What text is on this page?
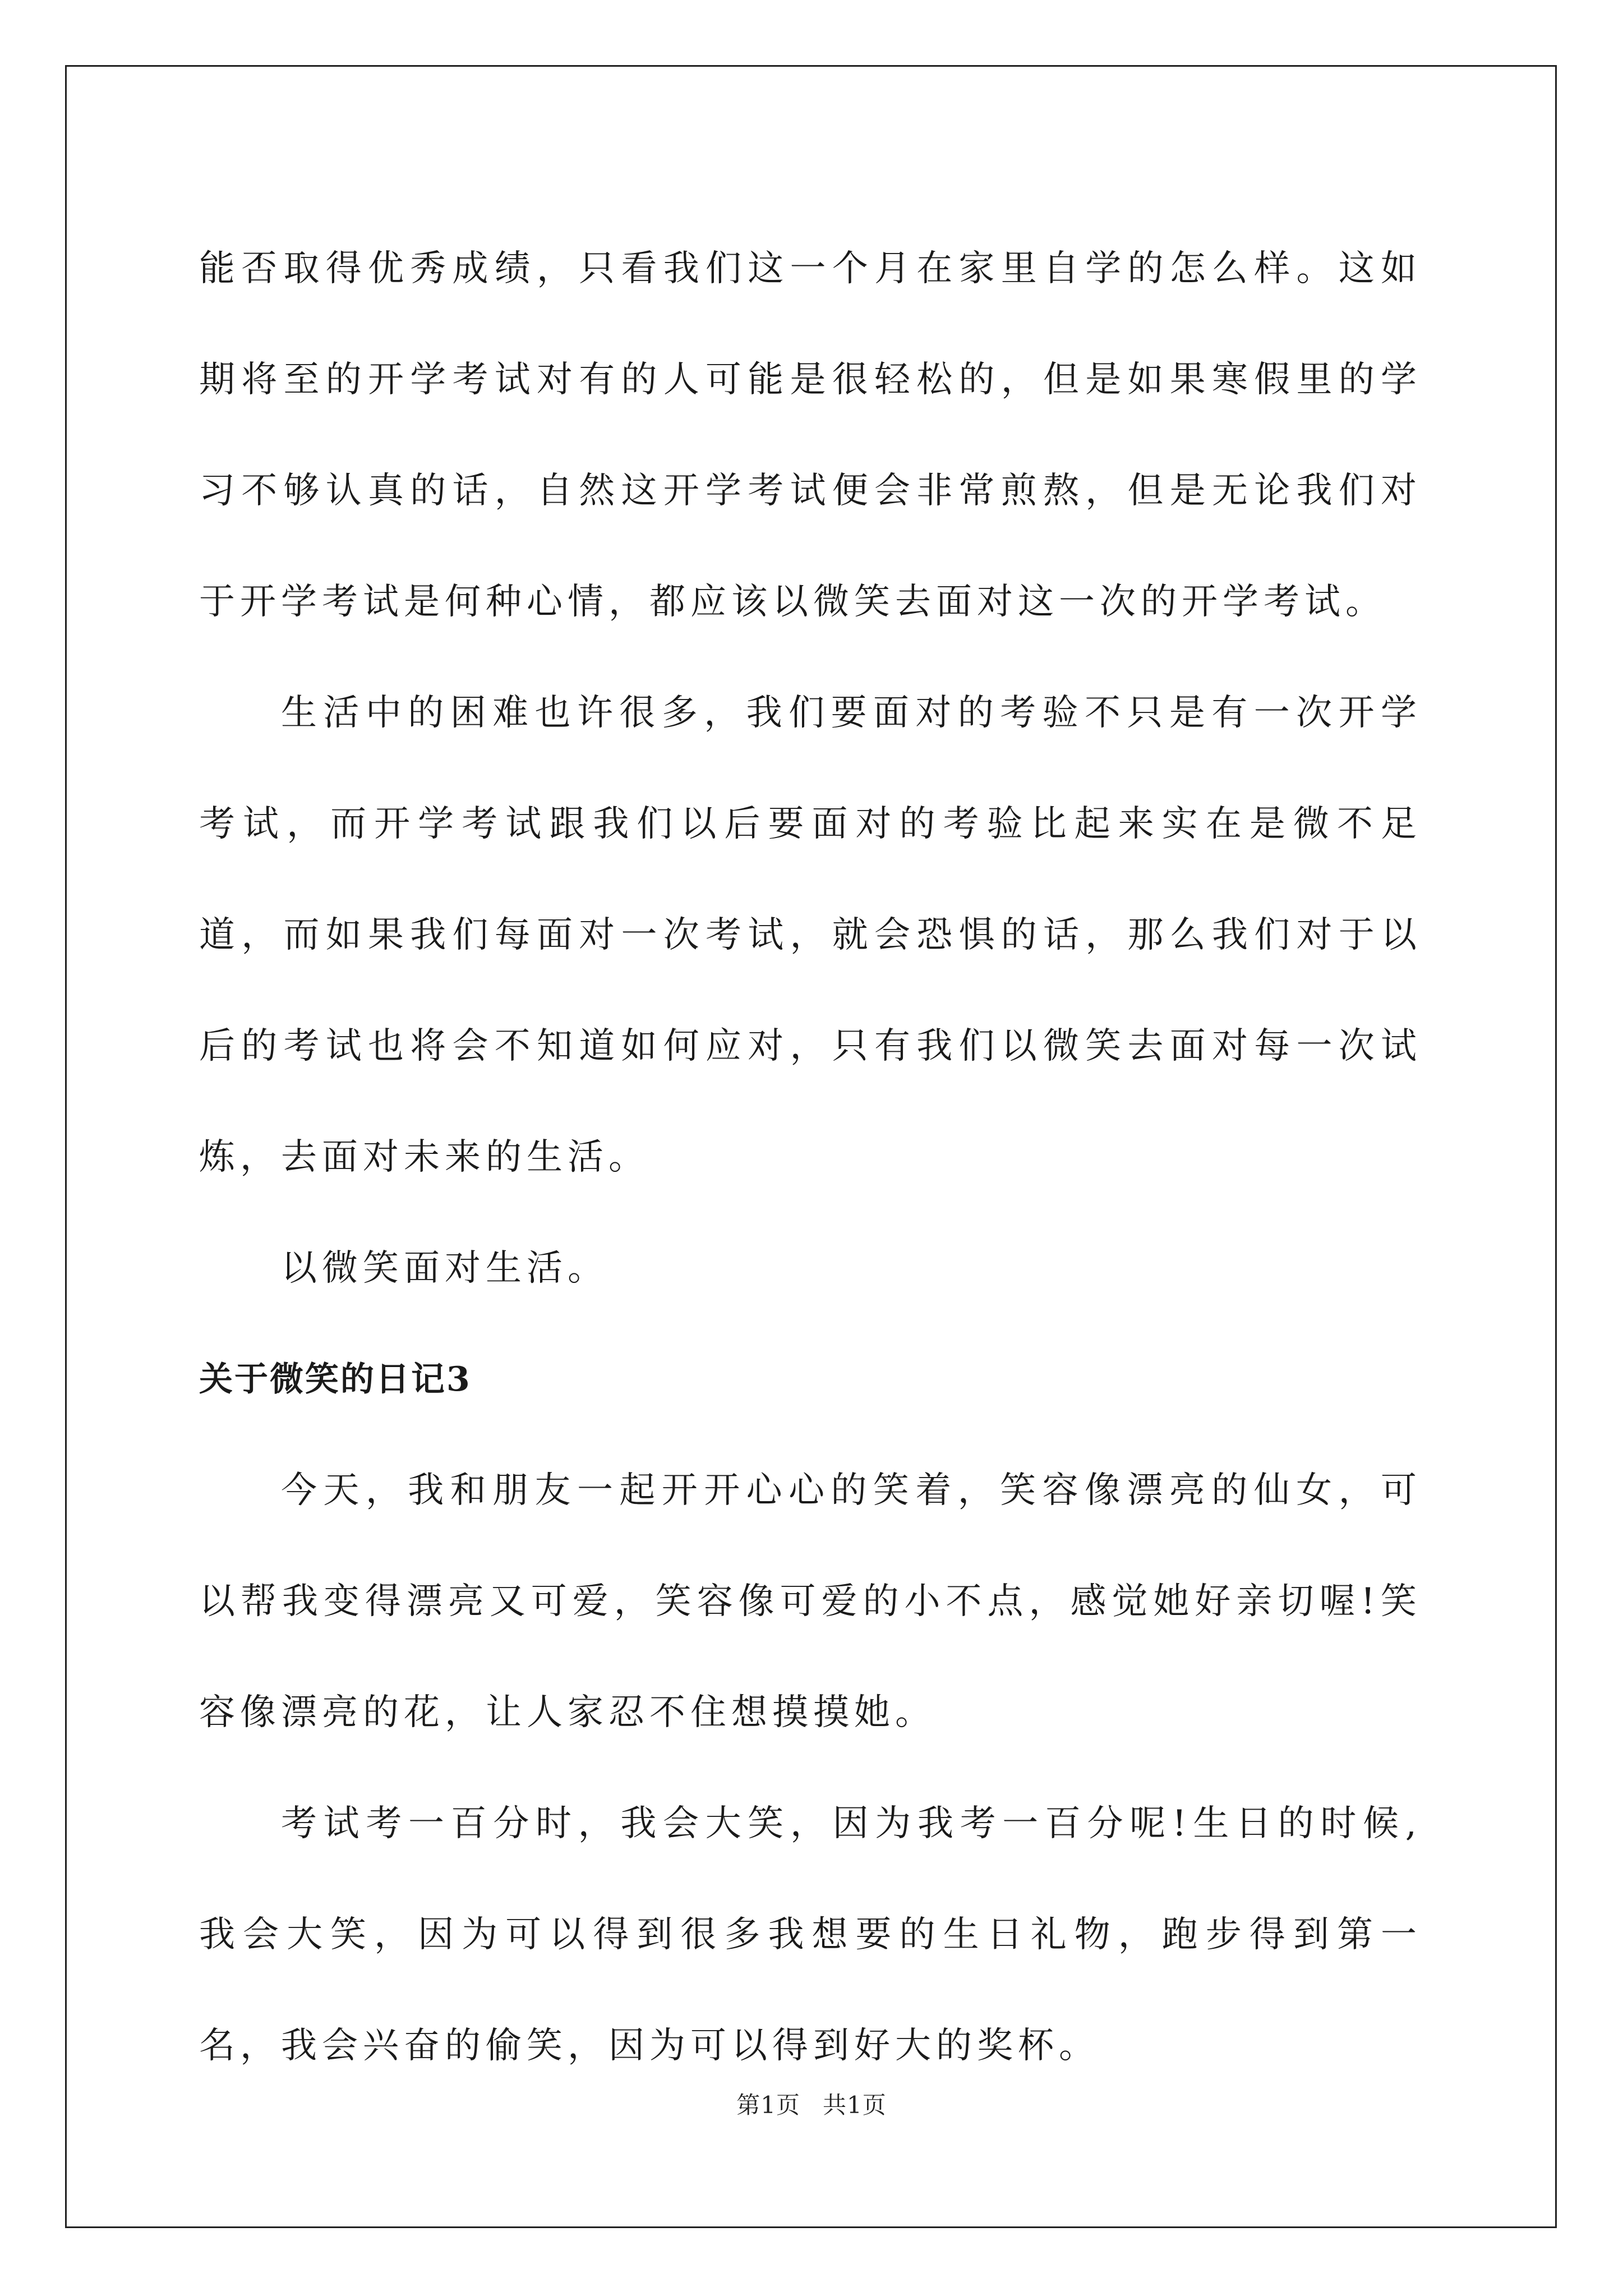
能否取得优秀成绩，只看我们这一个月在家里自学的怎么样。这如期将至的开学考试对有的人可能是很轻松的，但是如果寒假里的学习不够认真的话，自然这开学考试便会非常煎熬，但是无论我们对于开学考试是何种心情，都应该以微笑去面对这一次的开学考试。

生活中的困难也许很多，我们要面对的考验不只是有一次开学考试，而开学考试跟我们以后要面对的考验比起来实在是微不足道，而如果我们每面对一次考试，就会恐惧的话，那么我们对于以后的考试也将会不知道如何应对，只有我们以微笑去面对每一次试炼，去面对未来的生活。

以微笑面对生活。

关于微笑的日记3

今天，我和朋友一起开开心心的笑着，笑容像漂亮的仙女，可以帮我变得漂亮又可爱，笑容像可爱的小不点，感觉她好亲切喔!笑容像漂亮的花，让人家忍不住想摸摸她。

考试考一百分时，我会大笑，因为我考一百分呢!生日的时候,我会大笑，因为可以得到很多我想要的生日礼物，跑步得到第一名，我会兴奋的偷笑，因为可以得到好大的奖杯。

第1页 共1页
